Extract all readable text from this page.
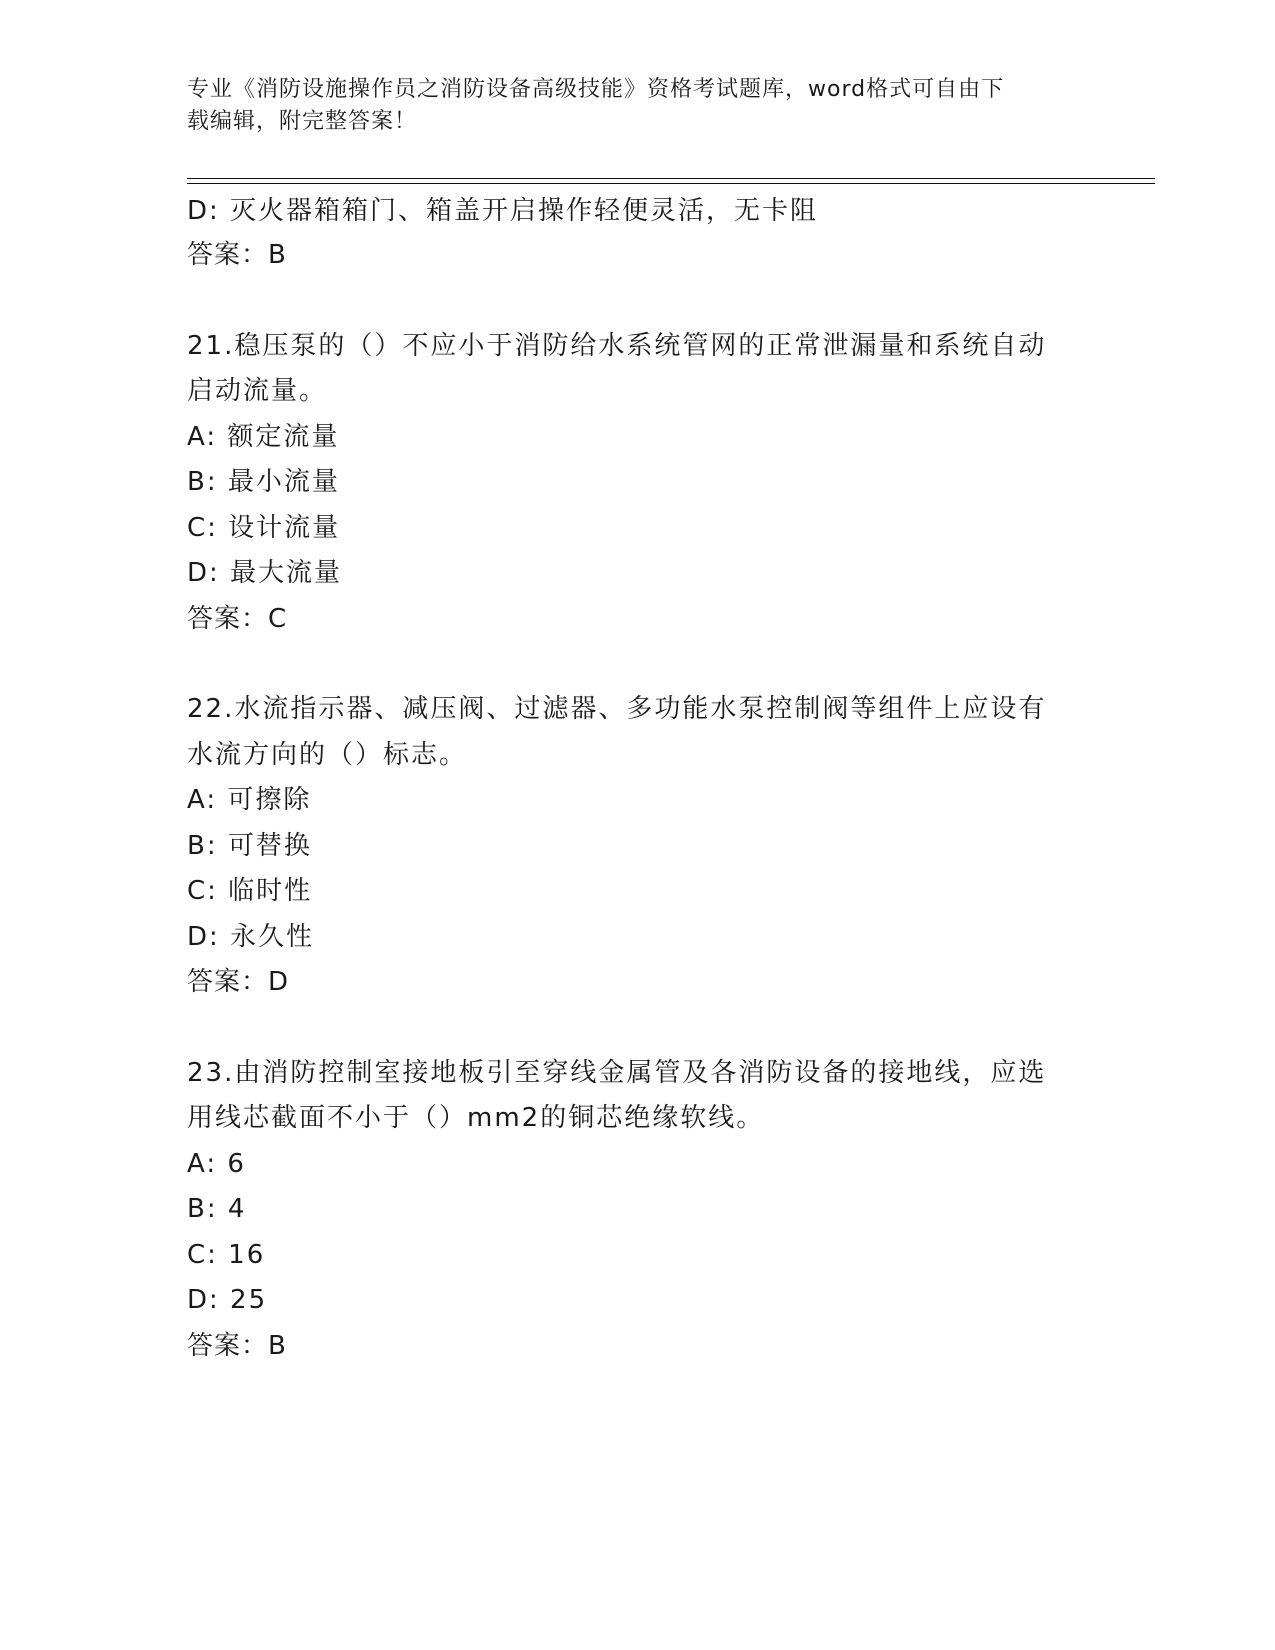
专业《消防设施操作员之消防设备高级技能》资格考试题库，word格式可自由下
载编辑，附完整答案！
D: 灭火器箱箱门、箱盖开启操作轻便灵活，无卡阻
答案：B
21.稳压泵的（）不应小于消防给水系统管网的正常泄漏量和系统自动
启动流量。
A: 额定流量
B: 最小流量
C: 设计流量
D: 最大流量
答案：C
22.水流指示器、减压阀、过滤器、多功能水泵控制阀等组件上应设有
水流方向的（）标志。
A: 可擦除
B: 可替换
C: 临时性
D: 永久性
答案：D
23.由消防控制室接地板引至穿线金属管及各消防设备的接地线，应选
用线芯截面不小于（）mm2的铜芯绝缘软线。
A: 6
B: 4
C: 16
D: 25
答案：B
